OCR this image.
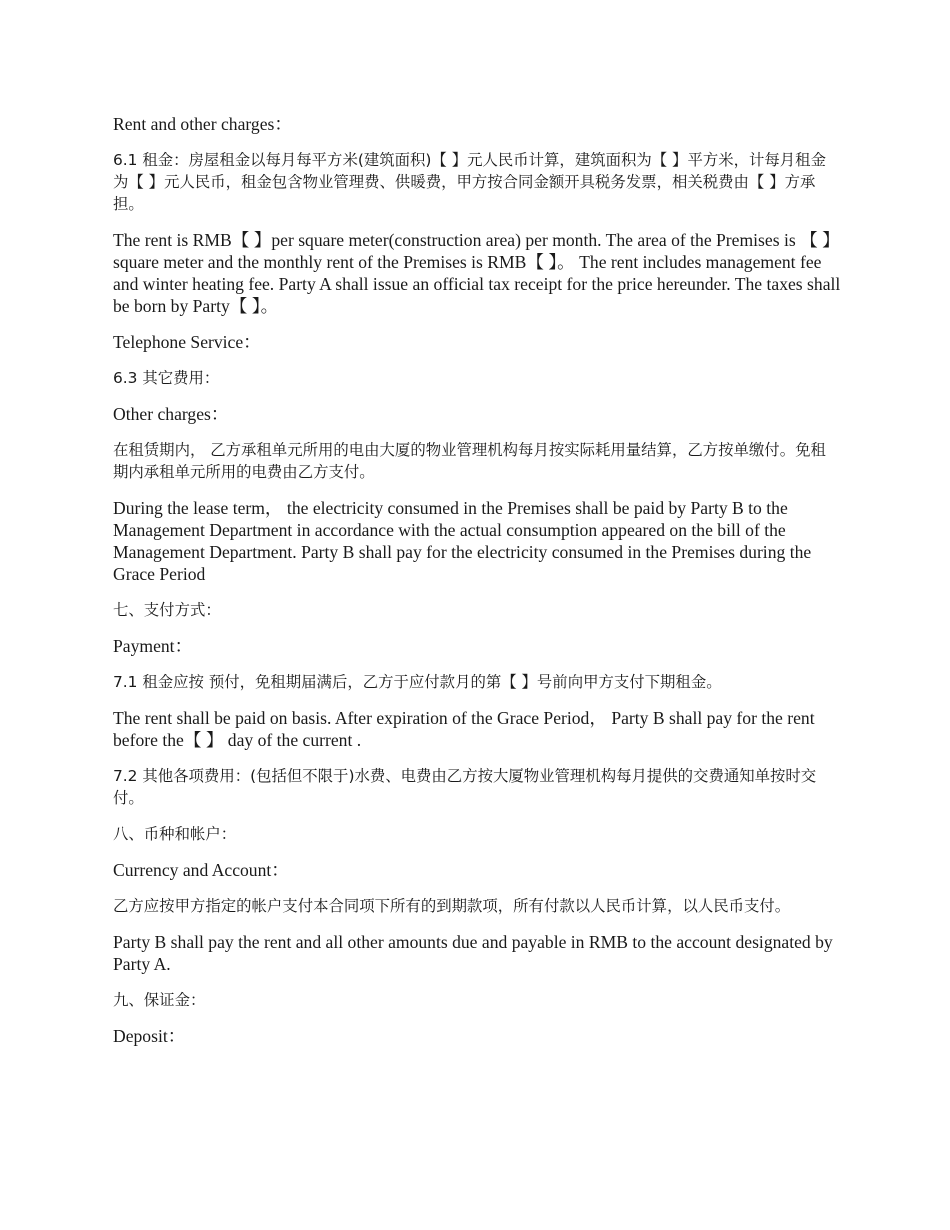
Rent and other charges：

6.1 租金：房屋租金以每月每平方米(建筑面积)【 】元人民币计算，建筑面积为【 】平方米，计每月租金为【 】元人民币，租金包含物业管理费、供暖费，甲方按合同金额开具税务发票，相关税费由【 】方承担。

The rent is RMB【 】per square meter(construction area) per month. The area of the Premises is 【 】square meter and the monthly rent of the Premises is RMB【 】。 The rent includes management fee and winter heating fee. Party A shall issue an official tax receipt for the price hereunder. The taxes shall be born by Party【 】。

Telephone Service：

6.3 其它费用：

Other charges：

在租赁期内， 乙方承租单元所用的电由大厦的物业管理机构每月按实际耗用量结算，乙方按单缴付。免租期内承租单元所用的电费由乙方支付。

During the lease term， the electricity consumed in the Premises shall be paid by Party B to the Management Department in accordance with the actual consumption appeared on the bill of the Management Department. Party B shall pay for the electricity consumed in the Premises during the Grace Period

七、支付方式：

Payment：

7.1 租金应按 预付，免租期届满后，乙方于应付款月的第【 】号前向甲方支付下期租金。

The rent shall be paid on basis. After expiration of the Grace Period， Party B shall pay for the rent before the【 】 day of the current .

7.2 其他各项费用：(包括但不限于)水费、电费由乙方按大厦物业管理机构每月提供的交费通知单按时交付。

八、币种和帐户：

Currency and Account：

乙方应按甲方指定的帐户支付本合同项下所有的到期款项，所有付款以人民币计算，以人民币支付。

Party B shall pay the rent and all other amounts due and payable in RMB to the account designated by Party A.

九、保证金：

Deposit：
